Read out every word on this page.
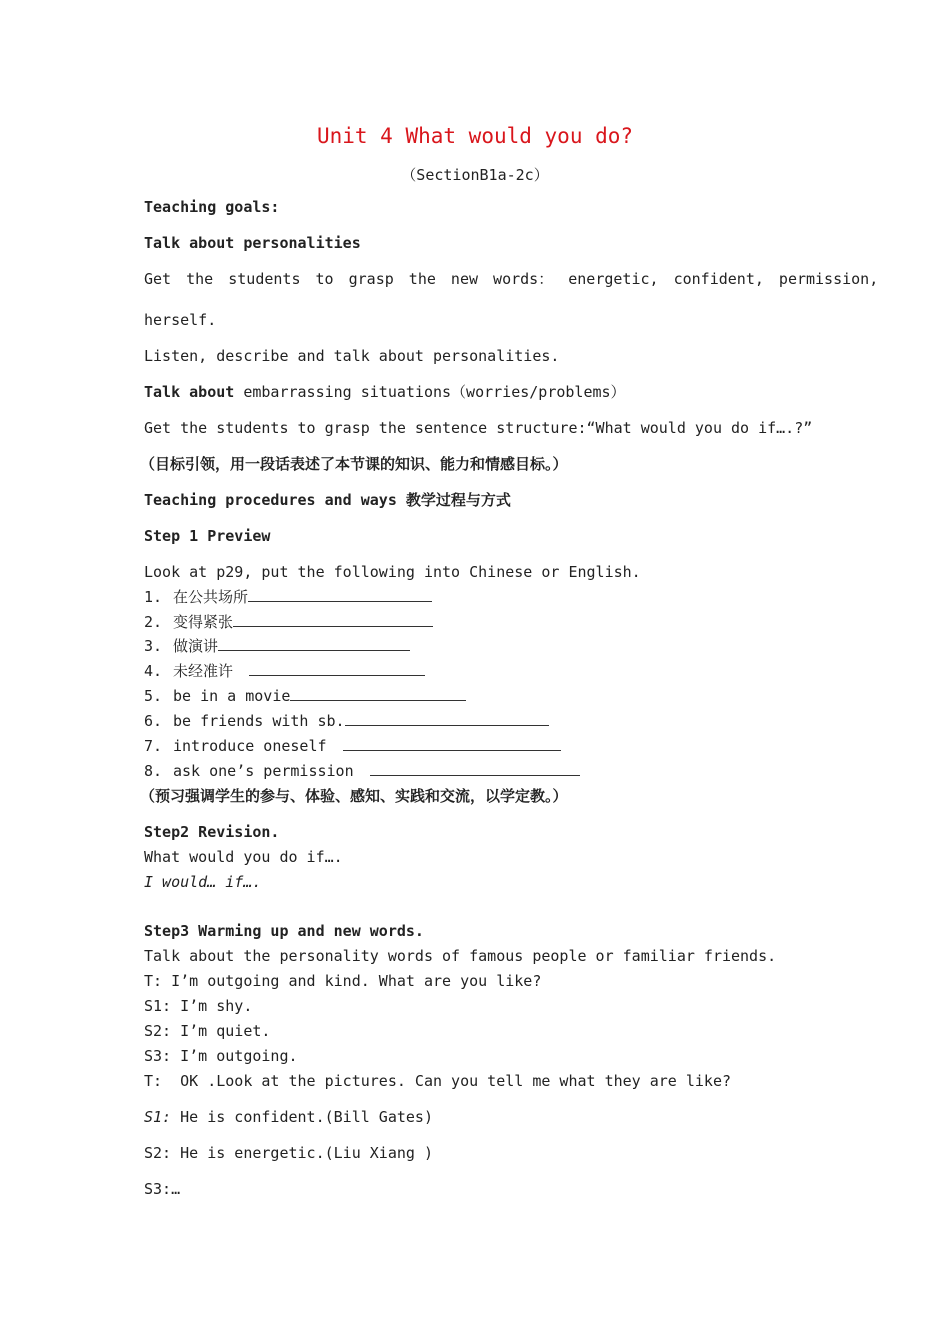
Unit 4 What would you do?
（SectionB1a-2c）
Teaching goals:
Talk about personalities
Get the students to grasp the new words： energetic, confident, permission,
herself.
Listen, describe and talk about personalities.
Talk about embarrassing situations（worries/problems）
Get the students to grasp the sentence structure:“What would you do if….?”
（目标引领，用一段话表述了本节课的知识、能力和情感目标。）
Teaching procedures and ways 教学过程与方式
Step 1 Preview
Look at p29, put the following into Chinese or English.
1. 在公共场所
2. 变得紧张
3. 做演讲
4. 未经准许
5. be in a movie
6. be friends with sb.
7. introduce oneself
8. ask one’s permission
（预习强调学生的参与、体验、感知、实践和交流，以学定教。）
Step2 Revision.
What would you do if….
I would… if….
Step3 Warming up and new words.
Talk about the personality words of famous people or familiar friends.
T: I’m outgoing and kind. What are you like?
S1: I’m shy.
S2: I’m quiet.
S3: I’m outgoing.
T:  OK .Look at the pictures. Can you tell me what they are like?
S1: He is confident.(Bill Gates)
S2: He is energetic.(Liu Xiang )
S3:…
